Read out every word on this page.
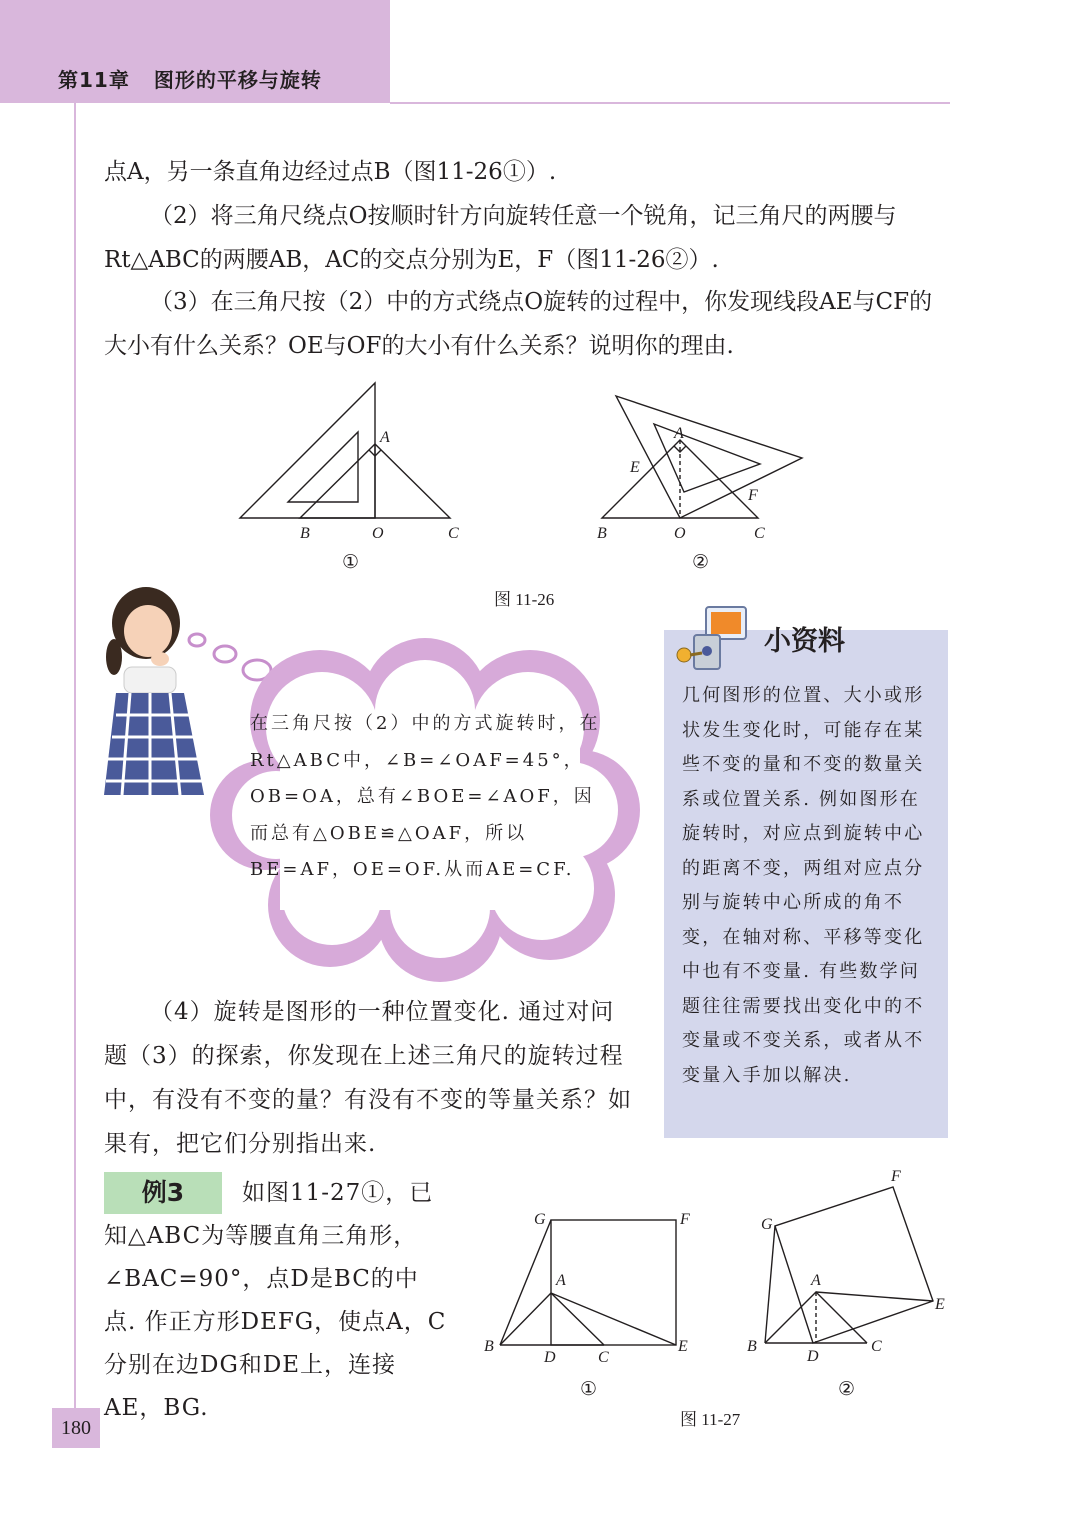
第11章 图形的平移与旋转

点A，另一条直角边经过点B（图11-26①）.

（2）将三角尺绕点O按顺时针方向旋转任意一个锐角，记三角尺的两腰与Rt△ABC的两腰AB，AC的交点分别为E，F（图11-26②）.

（3）在三角尺按（2）中的方式绕点O旋转的过程中，你发现线段AE与CF的大小有什么关系？OE与OF的大小有什么关系？说明你的理由.

A
B	O	C
①
A
E
F
B	O	C
②
图 11-26

在三角尺按（2）中的方式旋转时，在Rt△ABC中，∠B=∠OAF=45°，OB=OA，总有∠BOE=∠AOF，因而总有△OBE≌△OAF，所以BE=AF，OE=OF.从而AE=CF.

小资料

几何图形的位置、大小或形状发生变化时，可能存在某些不变的量和不变的数量关系或位置关系. 例如图形在旋转时，对应点到旋转中心的距离不变，两组对应点分别与旋转中心所成的角不变，在轴对称、平移等变化中也有不变量. 有些数学问题往往需要找出变化中的不变量或不变关系，或者从不变量入手加以解决.

（4）旋转是图形的一种位置变化. 通过对问题（3）的探索，你发现在上述三角尺的旋转过程中，有没有不变的量？有没有不变的等量关系？如果有，把它们分别指出来.

例3	如图11-27①，已知△ABC为等腰直角三角形，∠BAC=90°，点D是BC的中点. 作正方形DEFG，使点A，C分别在边DG和DE上，连接AE，BG.

G	F
A
B
D	C
E
①
F
G
A
E
B
D
C
②
图 11-27
180
